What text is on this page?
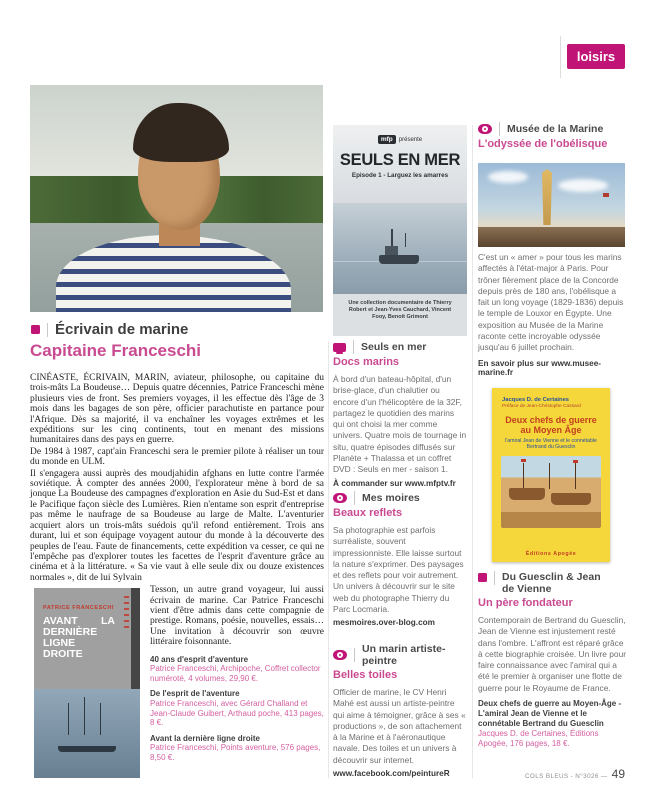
loisirs
Écrivain de marine
Capitaine Franceschi

CINÉASTE, ÉCRIVAIN, MARIN, aviateur, philosophe, ou capitaine du trois-mâts La Boudeuse… Depuis quatre décennies, Patrice Franceschi mène plusieurs vies de front. Ses premiers voyages, il les effectue dès l'âge de 3 mois dans les bagages de son père, officier parachutiste en partance pour l'Afrique. Dès sa majorité, il va enchaîner les voyages extrêmes et les expéditions sur les cinq continents, tout en menant des missions humanitaires dans des pays en guerre.

De 1984 à 1987, capt'ain Franceschi sera le premier pilote à réaliser un tour du monde en ULM.

Il s'engagera aussi auprès des moudjahidin afghans en lutte contre l'armée soviétique. À compter des années 2000, l'explorateur mène à bord de sa jonque La Boudeuse des campagnes d'exploration en Asie du Sud-Est et dans le Pacifique façon siècle des Lumières. Rien n'entame son esprit d'entreprise pas même le naufrage de sa Boudeuse au large de Malte. L'aventurier acquiert alors un trois-mâts suédois qu'il refond entièrement. Trois ans durant, lui et son équipage voyagent autour du monde à la découverte des peuples de l'eau. Faute de financements, cette expédition va cesser, ce qui ne l'empêche pas d'explorer toutes les facettes de l'esprit d'aventure grâce au cinéma et à la littérature. « Sa vie vaut à elle seule dix ou douze existences normales », dit de lui Sylvain

PATRICE FRANCESCHI
AVANT LA DERNIÈRE LIGNE DROITE

Tesson, un autre grand voyageur, lui aussi écrivain de marine. Car Patrice Franceschi vient d'être admis dans cette compagnie de prestige. Romans, poésie, nouvelles, essais… Une invitation à découvrir son œuvre littéraire foisonnante.

40 ans d'esprit d'aventure
Patrice Franceschi, Archipoche, Coffret collector numéroté, 4 volumes, 29,90 €.
De l'esprit de l'aventure
Patrice Franceschi, avec Gérard Challand et Jean-Claude Guibert, Arthaud poche, 413 pages, 8 €.
Avant la dernière ligne droite
Patrice Franceschi, Points aventure, 576 pages, 8,50 €.
mfp	présente
SEULS EN MER
Episode 1 - Larguez les amarres
Une collection documentaire de Thierry Robert et Jean-Yves Cauchard, Vincent Fooy, Benoit Grimont
Seuls en mer
Docs marins

À bord d'un bateau-hôpital, d'un brise-glace, d'un chalutier ou encore d'un l'hélicoptère de la 32F, partagez le quotidien des marins qui ont choisi la mer comme univers. Quatre mois de tournage in situ, quatre épisodes diffusés sur Planète + Thalassa et un coffret DVD : Seuls en mer - saison 1.

À commander sur www.mfptv.fr
Mes moires
Beaux reflets

Sa photographie est parfois surréaliste, souvent impressionniste. Elle laisse surtout la nature s'exprimer. Des paysages et des reflets pour voir autrement. Un univers à découvrir sur le site web du photographe Thierry du Parc Locmaria.

mesmoires.over-blog.com
Un marin artiste-peintre
Belles toiles

Officier de marine, le CV Henri Mahé est aussi un artiste-peintre qui aime à témoigner, grâce à ses « productions », de son attachement à la Marine et à l'aéronautique navale. Des toiles et un univers à découvrir sur internet.

www.facebook.com/peintureR
Musée de la Marine
L'odyssée de l'obélisque

C'est un « amer » pour tous les marins affectés à l'état-major à Paris. Pour trôner fièrement place de la Concorde depuis près de 180 ans, l'obélisque a fait un long voyage (1829-1836) depuis le temple de Louxor en Égypte. Une exposition au Musée de la Marine raconte cette incroyable odyssée jusqu'au 6 juillet prochain.

En savoir plus sur www.musee-marine.fr
Jacques D. de Certaines
Préface de Jean-Christophe Cassard
Deux chefs de guerre au Moyen Âge
l'amiral Jean de Vienne et le connétable Bertrand du Guesclin
Éditions Apogée
Du Guesclin & Jean de Vienne
Un père fondateur

Contemporain de Bertrand du Guesclin, Jean de Vienne est injustement resté dans l'ombre. L'affront est réparé grâce à cette biographie croisée. Un livre pour faire connaissance avec l'amiral qui a été le premier à organiser une flotte de guerre pour le Royaume de France.

Deux chefs de guerre au Moyen-Âge - L'amiral Jean de Vienne et le connétable Bertrand du Guesclin
Jacques D. de Certaines, Éditions Apogée, 176 pages, 18 €.
COLS BLEUS - N°3026 — 49
